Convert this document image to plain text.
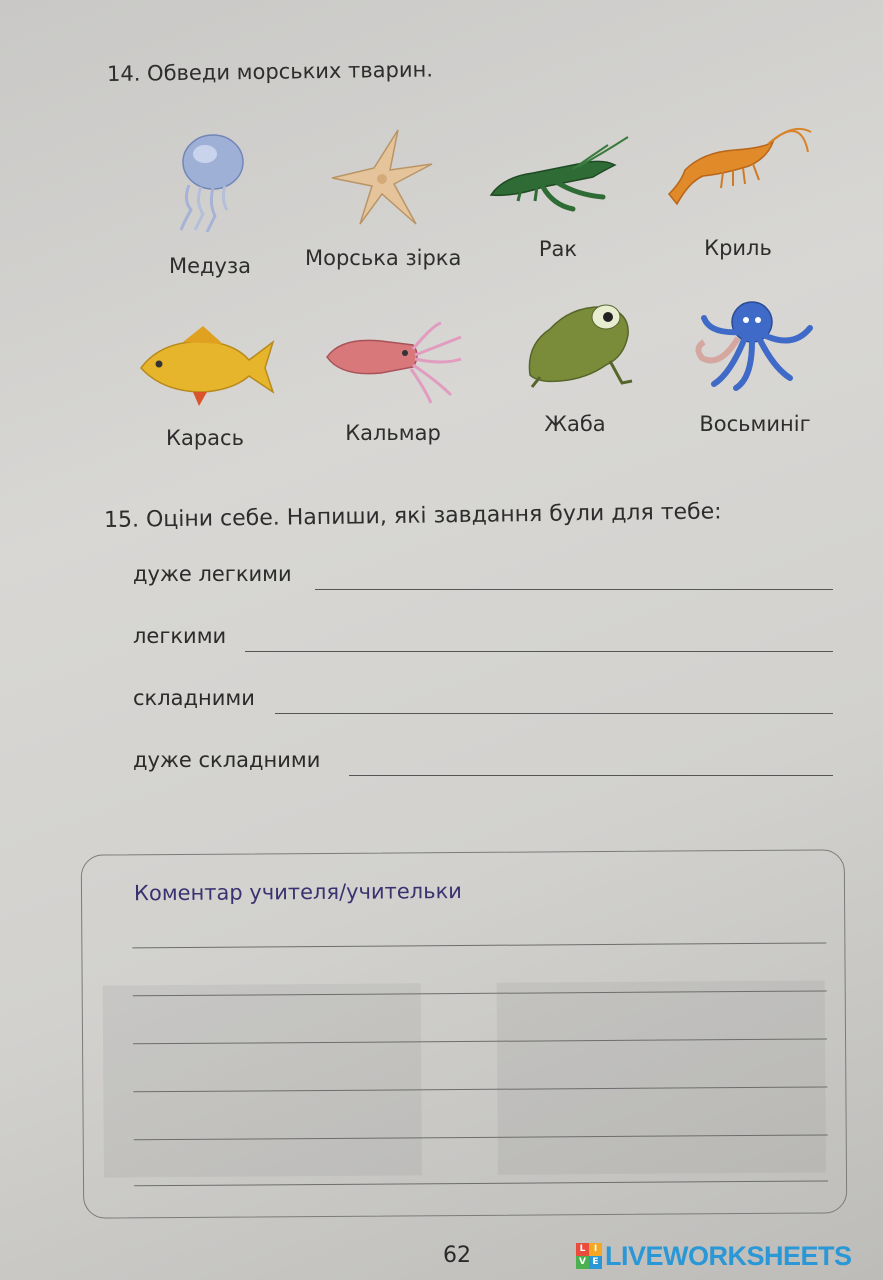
14. Обведи морських тварин.
Медуза	Морська зірка	Рак	Криль
Карась	Кальмар	Жаба	Восьминіг
15. Оціни себе. Напиши, які завдання були для тебе:
дуже легкими
легкими
складними
дуже складними
Коментар учителя/учительки
62	L I
V E LIVEWORKSHEETS
